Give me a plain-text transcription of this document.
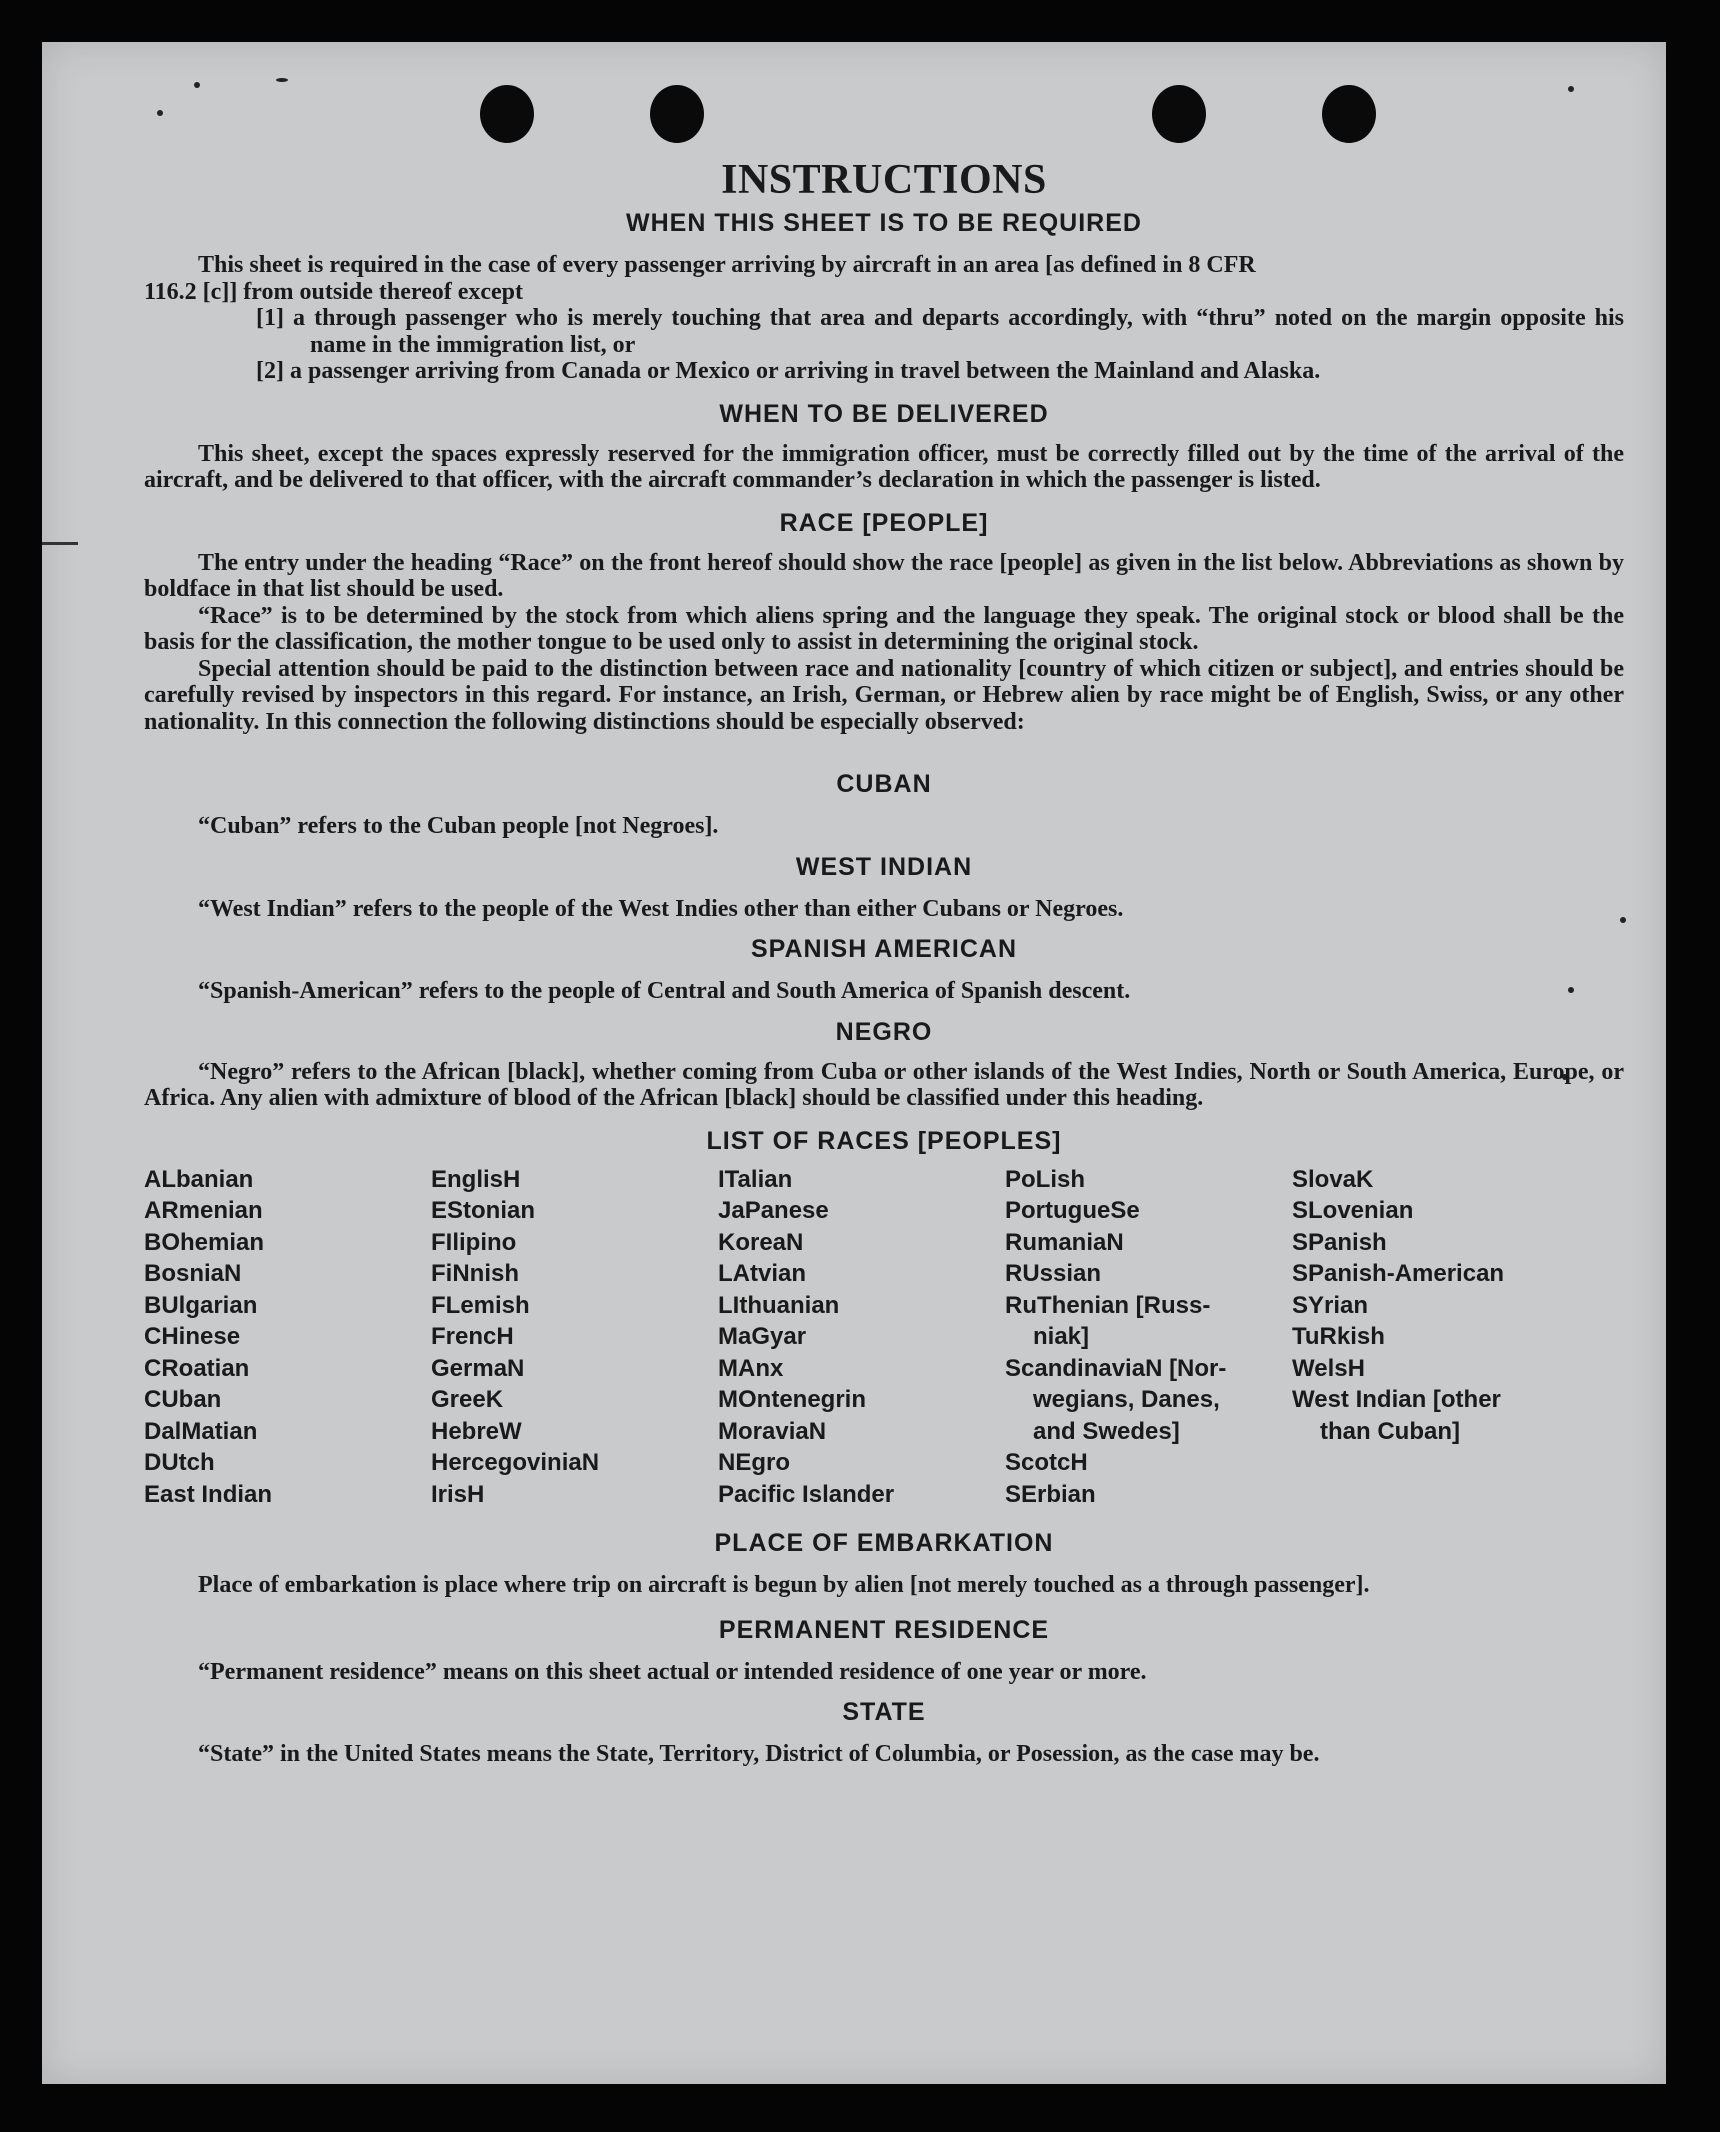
INSTRUCTIONS
WHEN THIS SHEET IS TO BE REQUIRED

This sheet is required in the case of every passenger arriving by aircraft in an area [as defined in 8 CFR

116.2 [c]] from outside thereof except

[1] a through passenger who is merely touching that area and departs accordingly, with “thru” noted on the margin opposite his name in the immigration list, or

[2] a passenger arriving from Canada or Mexico or arriving in travel between the Mainland and Alaska.

WHEN TO BE DELIVERED

This sheet, except the spaces expressly reserved for the immigration officer, must be correctly filled out by the time of the arrival of the aircraft, and be delivered to that officer, with the aircraft commander’s declaration in which the passenger is listed.

RACE [PEOPLE]

The entry under the heading “Race” on the front hereof should show the race [people] as given in the list below. Abbreviations as shown by boldface in that list should be used.

“Race” is to be determined by the stock from which aliens spring and the language they speak. The original stock or blood shall be the basis for the classification, the mother tongue to be used only to assist in determining the original stock.

Special attention should be paid to the distinction between race and nationality [country of which citizen or subject], and entries should be carefully revised by inspectors in this regard. For instance, an Irish, German, or Hebrew alien by race might be of English, Swiss, or any other nationality. In this connection the following distinctions should be especially observed:

CUBAN

“Cuban” refers to the Cuban people [not Negroes].

WEST INDIAN

“West Indian” refers to the people of the West Indies other than either Cubans or Negroes.

SPANISH AMERICAN

“Spanish-American” refers to the people of Central and South America of Spanish descent.

NEGRO

“Negro” refers to the African [black], whether coming from Cuba or other islands of the West Indies, North or South America, Europe, or Africa. Any alien with admixture of blood of the African [black] should be classified under this heading.

LIST OF RACES [PEOPLES]
ALbanian
ARmenian
BOhemian
BosniaN
BUlgarian
CHinese
CRoatian
CUban
DalMatian
DUtch
East Indian
EnglisH
EStonian
FIlipino
FiNnish
FLemish
FrencH
GermaN
GreeK
HebreW
HercegoviniaN
IrisH
ITalian
JaPanese
KoreaN
LAtvian
LIthuanian
MaGyar
MAnx
MOntenegrin
MoraviaN
NEgro
Pacific Islander
PoLish
PortugueSe
RumaniaN
RUssian
RuThenian [Russ-
niak]
ScandinaviaN [Nor-
wegians, Danes,
and Swedes]
ScotcH
SErbian
SlovaK
SLovenian
SPanish
SPanish-American
SYrian
TuRkish
WelsH
West Indian [other
than Cuban]
PLACE OF EMBARKATION

Place of embarkation is place where trip on aircraft is begun by alien [not merely touched as a through passenger].

PERMANENT RESIDENCE

“Permanent residence” means on this sheet actual or intended residence of one year or more.

STATE

“State” in the United States means the State, Territory, District of Columbia, or Posession, as the case may be.
